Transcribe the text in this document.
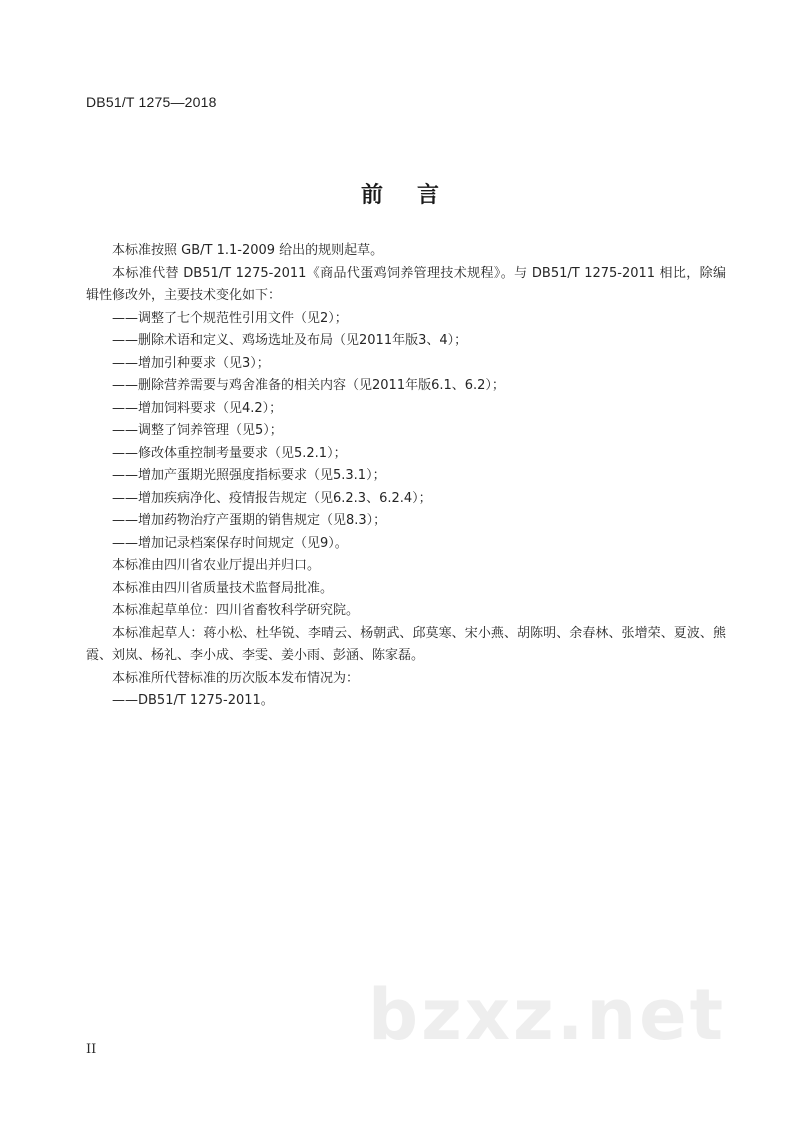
DB51/T 1275—2018
前言

本标准按照 GB/T 1.1-2009 给出的规则起草。

本标准代替 DB51/T 1275-2011《商品代蛋鸡饲养管理技术规程》。与 DB51/T 1275-2011 相比，除编辑性修改外，主要技术变化如下：

——调整了七个规范性引用文件（见2）；

——删除术语和定义、鸡场选址及布局（见2011年版3、4）；

——增加引种要求（见3）；

——删除营养需要与鸡舍准备的相关内容（见2011年版6.1、6.2）；

——增加饲料要求（见4.2）；

——调整了饲养管理（见5）；

——修改体重控制考量要求（见5.2.1）；

——增加产蛋期光照强度指标要求（见5.3.1）；

——增加疾病净化、疫情报告规定（见6.2.3、6.2.4）；

——增加药物治疗产蛋期的销售规定（见8.3）；

——增加记录档案保存时间规定（见9）。

本标准由四川省农业厅提出并归口。

本标准由四川省质量技术监督局批准。

本标准起草单位：四川省畜牧科学研究院。

本标准起草人：蒋小松、杜华锐、李晴云、杨朝武、邱莫寒、宋小燕、胡陈明、余春林、张增荣、夏波、熊霞、刘岚、杨礼、李小成、李雯、姜小雨、彭涵、陈家磊。

本标准所代替标准的历次版本发布情况为：

——DB51/T 1275-2011。

bzxz.net
II
